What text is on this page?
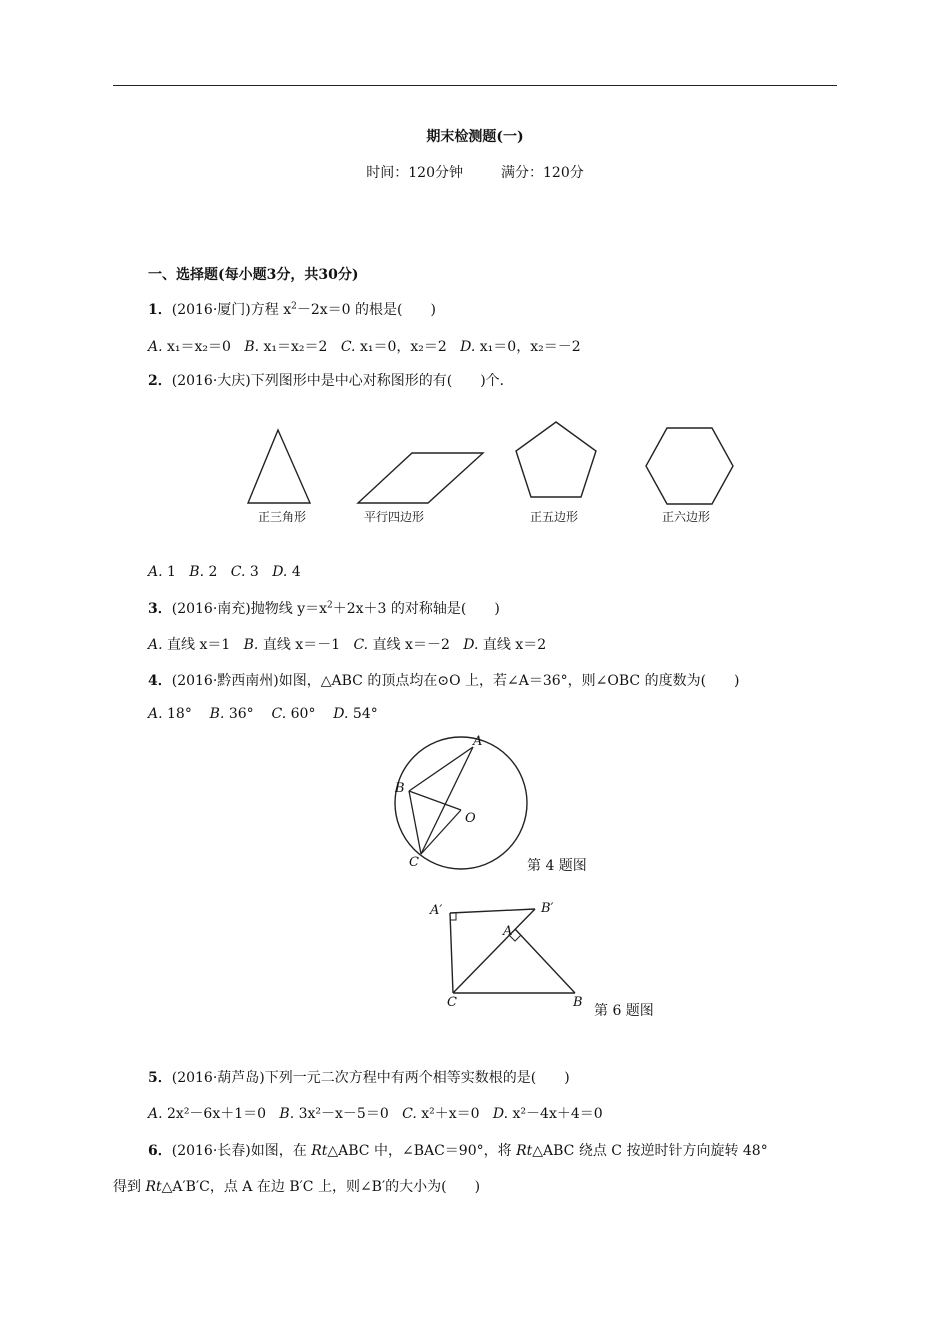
期末检测题(一)
时间：120分钟	满分：120分
一、选择题(每小题3分，共30分)
1．(2016·厦门)方程 $x^2-2x=0$ 的根是(　　)
A. x₁＝x₂＝0 B. x₁＝x₂＝2 C. x₁＝0，x₂＝2 D. x₁＝0，x₂＝－2
2．(2016·大庆)下列图形中是中心对称图形的有(　　)个．
正三角形	平行四边形	正五边形	正六边形
A. 1 B. 2 C. 3 D. 4
3．(2016·南充)抛物线 $y=x^2+2x+3$ 的对称轴是(　　)
A. 直线 x＝1 B. 直线 x＝－1 C. 直线 x＝－2 D. 直线 x＝2
4．(2016·黔西南州)如图，△ABC 的顶点均在⊙O 上，若∠A＝36°，则∠OBC 的度数为(　　)
A. 18° B. 36° C. 60° D. 54°
A
B
C
O
第 4 题图
A′	B′
A
C	B
第 6 题图
5．(2016·葫芦岛)下列一元二次方程中有两个相等实数根的是(　　)
A. 2x²－6x＋1＝0 B. 3x²－x－5＝0 C. x²＋x＝0 D. x²－4x＋4＝0
6．(2016·长春)如图，在 Rt△ABC 中，∠BAC＝90°，将 Rt△ABC 绕点 C 按逆时针方向旋转 48°
得到 Rt△A′B′C，点 A 在边 B′C 上，则∠B′的大小为(　　)
